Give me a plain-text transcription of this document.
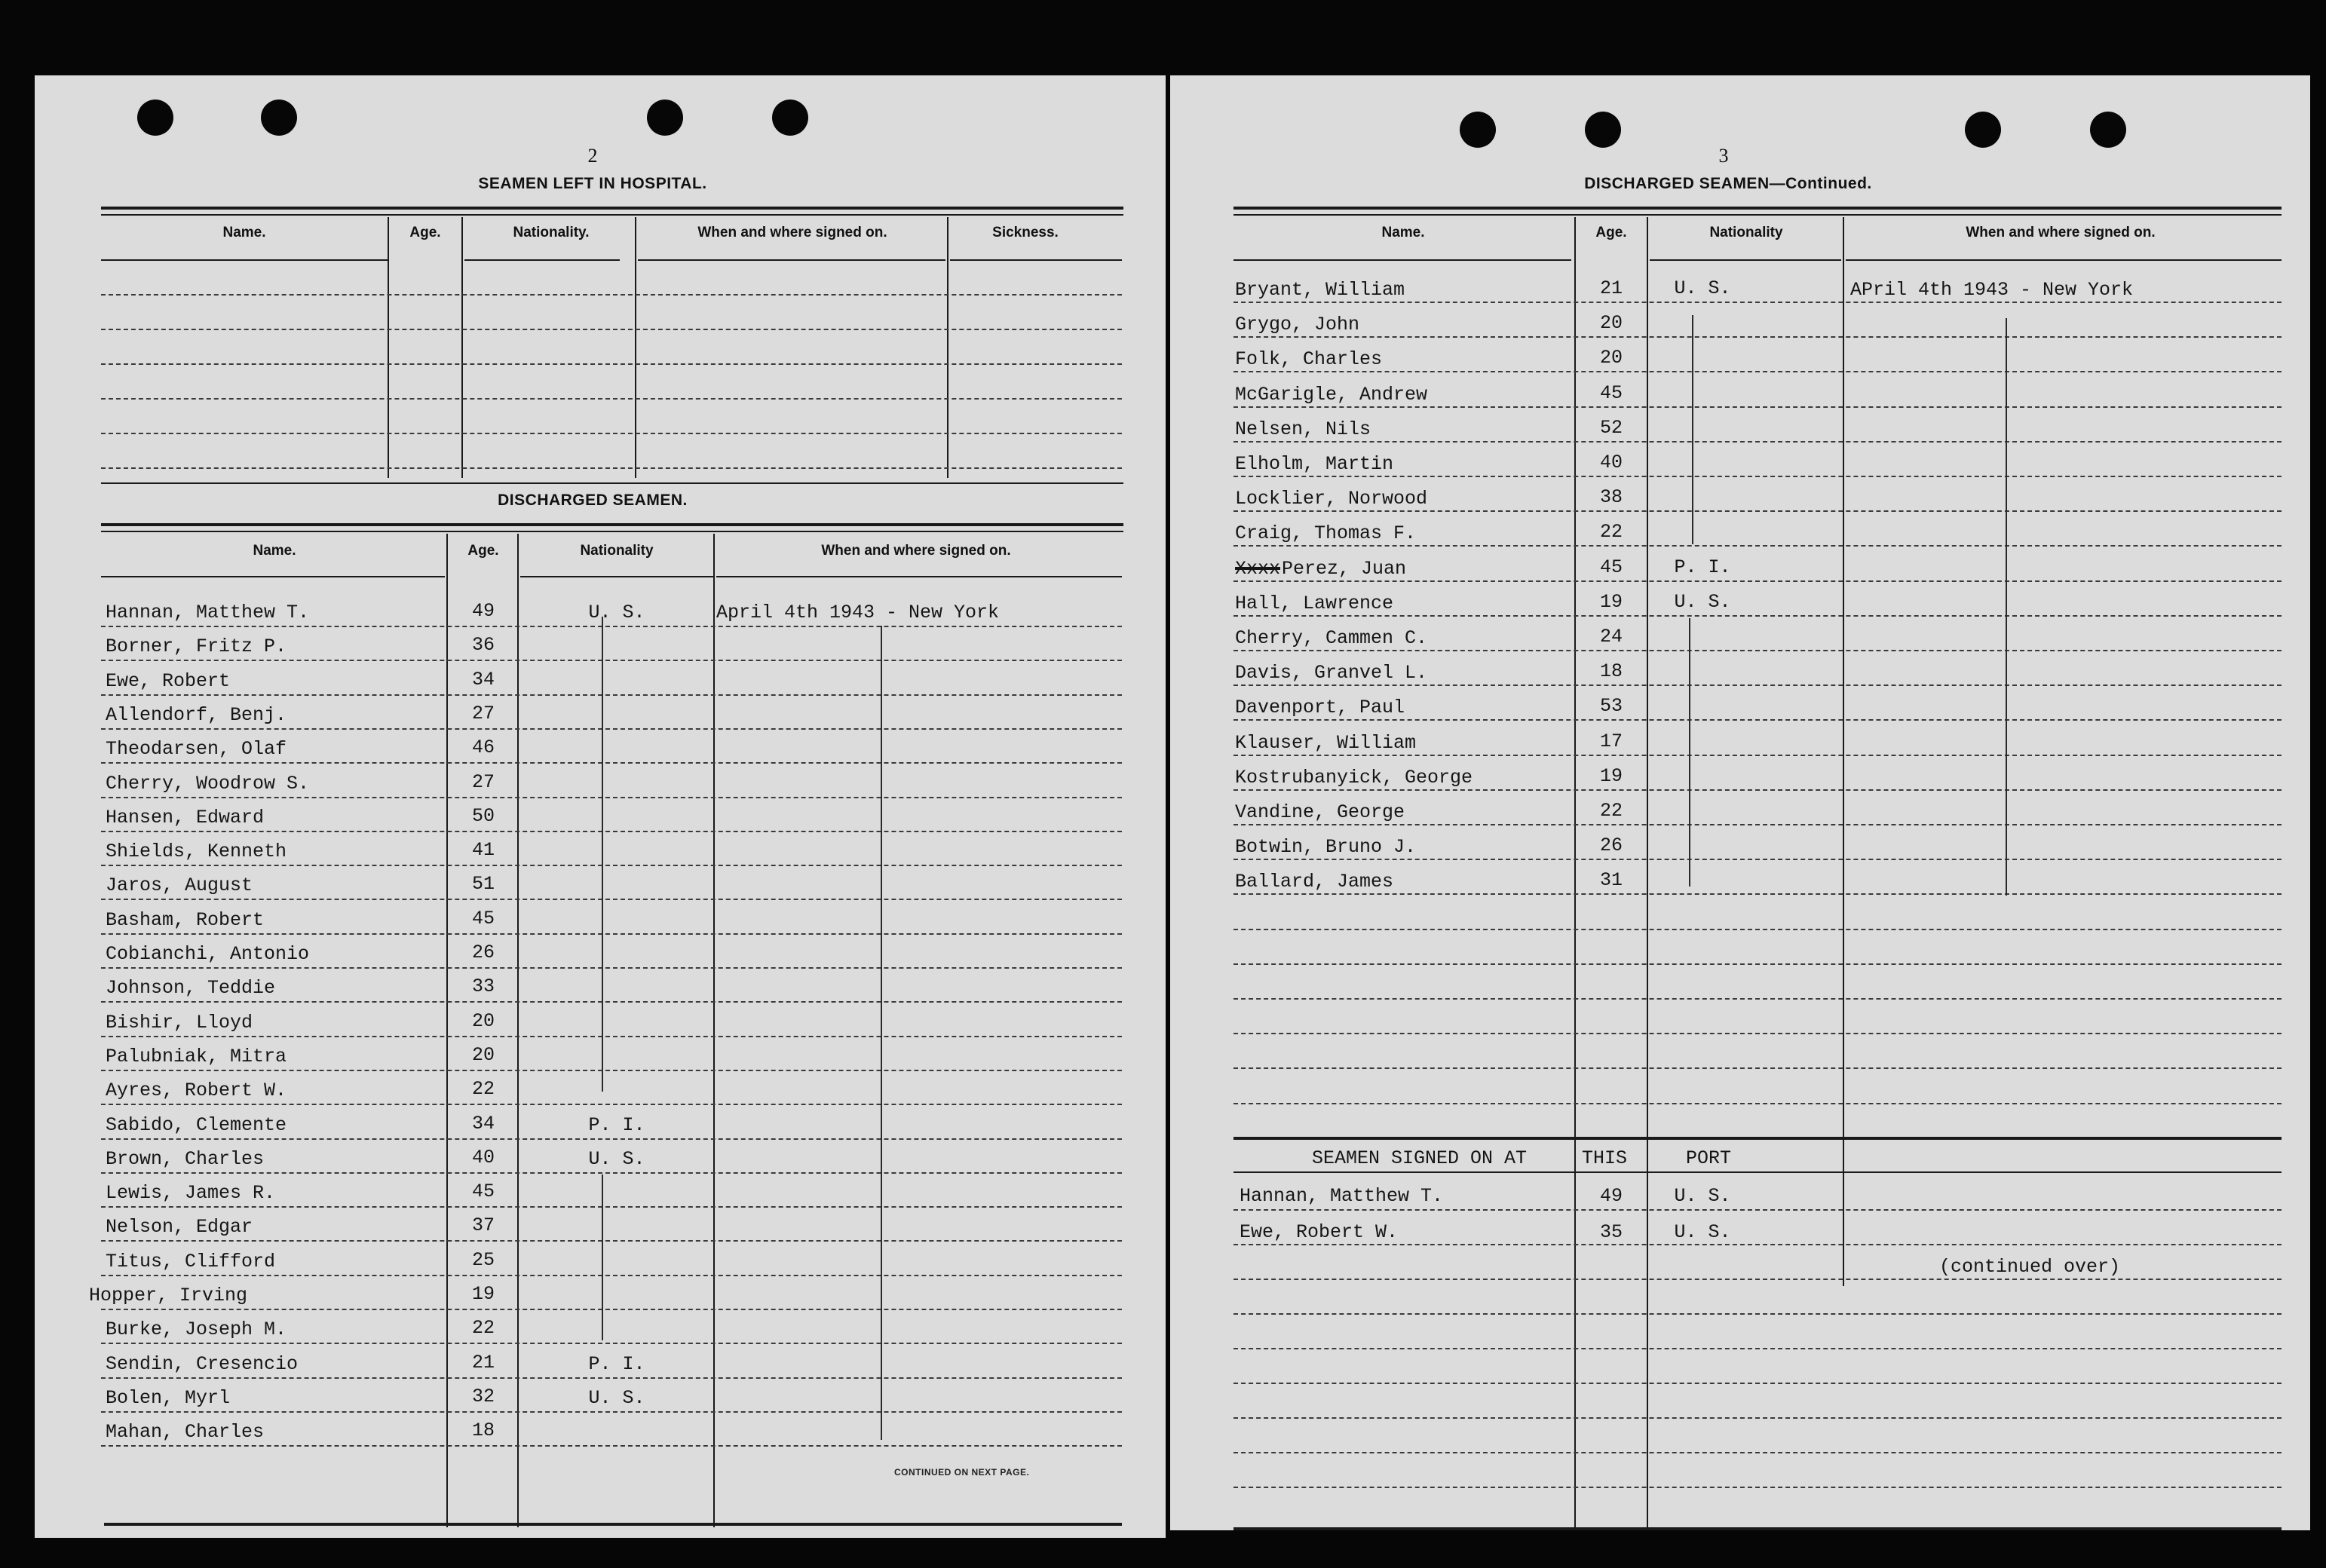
2
SEAMEN LEFT IN HOSPITAL.
Name.	Age.	Nationality.	When and where signed on.	Sickness.
DISCHARGED SEAMEN.
Name.	Age.	Nationality	When and where signed on.
Hannan, Matthew T.	49	U. S.	April 4th 1943 - New York
Borner, Fritz P.	36
Ewe, Robert	34
Allendorf, Benj.	27
Theodarsen, Olaf	46
Cherry, Woodrow S.	27
Hansen, Edward	50
Shields, Kenneth	41
Jaros, August	51
Basham, Robert	45
Cobianchi, Antonio	26
Johnson, Teddie	33
Bishir, Lloyd	20
Palubniak, Mitra	20
Ayres, Robert W.	22
Sabido, Clemente	34	P. I.
Brown, Charles	40	U. S.
Lewis, James R.	45
Nelson, Edgar	37
Titus, Clifford	25
Hopper, Irving	19
Burke, Joseph M.	22
Sendin, Cresencio	21	P. I.
Bolen, Myrl	32	U. S.
Mahan, Charles	18
CONTINUED ON NEXT PAGE.
3
DISCHARGED SEAMEN—Continued.
Name.	Age.	Nationality	When and where signed on.
Bryant, William	21	U. S.	APril 4th 1943 - New York
Grygo, John	20
Folk, Charles	20
McGarigle, Andrew	45
Nelsen, Nils	52
Elholm, Martin	40
Locklier, Norwood	38
Craig, Thomas F.	22
Xxxx Perez, Juan	45	P. I.
Hall, Lawrence	19	U. S.
Cherry, Cammen C.	24
Davis, Granvel L.	18
Davenport, Paul	53
Klauser, William	17
Kostrubanyick, George	19
Vandine, George	22
Botwin, Bruno J.	26
Ballard, James	31
SEAMEN SIGNED ON AT	THIS	PORT
Hannan, Matthew T.	49	U. S.
Ewe, Robert W.	35	U. S.
(continued over)
